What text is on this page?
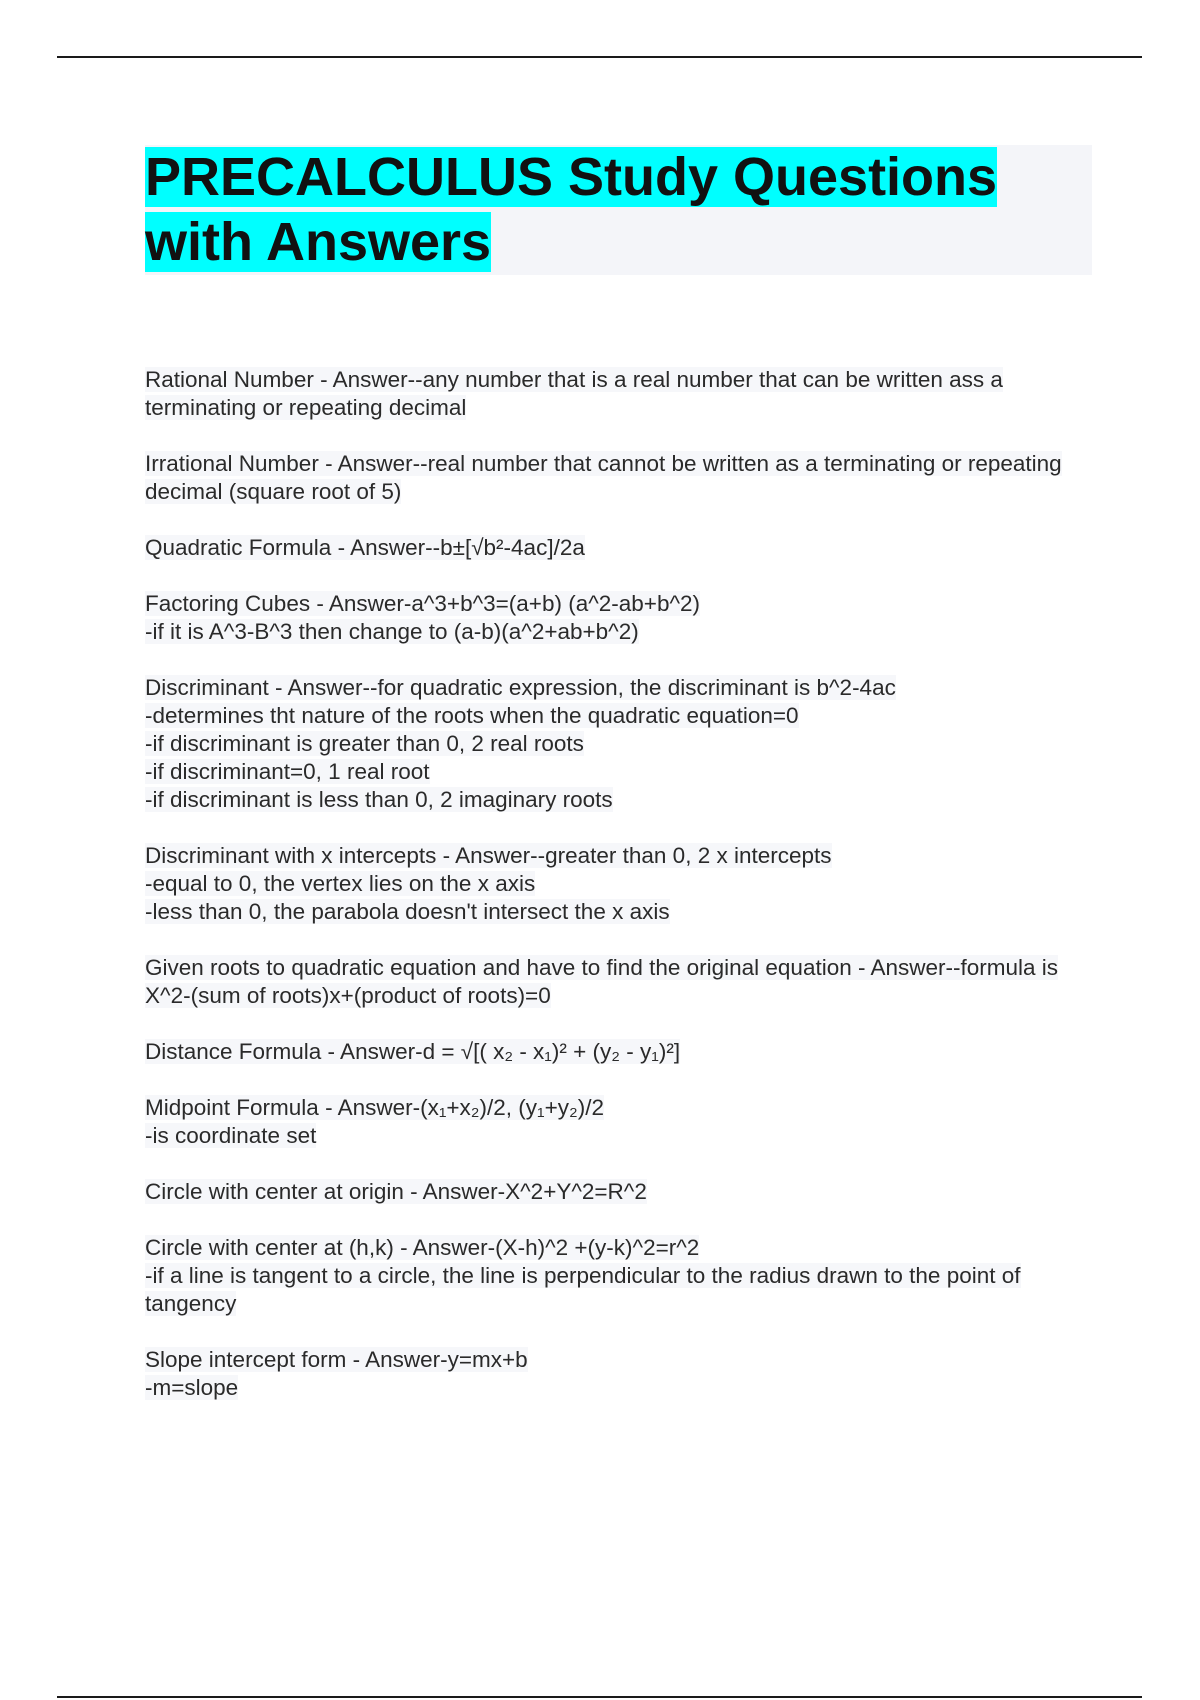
PRECALCULUS Study Questions with Answers
Rational Number - Answer--any number that is a real number that can be written ass a terminating or repeating decimal
Irrational Number - Answer--real number that cannot be written as a terminating or repeating decimal (square root of 5)
Quadratic Formula - Answer--b±[√b²-4ac]/2a
Factoring Cubes - Answer-a^3+b^3=(a+b) (a^2-ab+b^2)
-if it is A^3-B^3 then change to (a-b)(a^2+ab+b^2)
Discriminant - Answer--for quadratic expression, the discriminant is b^2-4ac
-determines tht nature of the roots when the quadratic equation=0
-if discriminant is greater than 0, 2 real roots
-if discriminant=0, 1 real root
-if discriminant is less than 0, 2 imaginary roots
Discriminant with x intercepts - Answer--greater than 0, 2 x intercepts
-equal to 0, the vertex lies on the x axis
-less than 0, the parabola doesn't intersect the x axis
Given roots to quadratic equation and have to find the original equation - Answer--formula is
X^2-(sum of roots)x+(product of roots)=0
Distance Formula - Answer-d = √[( x₂ - x₁)² + (y₂ - y₁)²]
Midpoint Formula - Answer-(x₁+x₂)/2, (y₁+y₂)/2
-is coordinate set
Circle with center at origin - Answer-X^2+Y^2=R^2
Circle with center at (h,k) - Answer-(X-h)^2 +(y-k)^2=r^2
-if a line is tangent to a circle, the line is perpendicular to the radius drawn to the point of tangency
Slope intercept form - Answer-y=mx+b
-m=slope
